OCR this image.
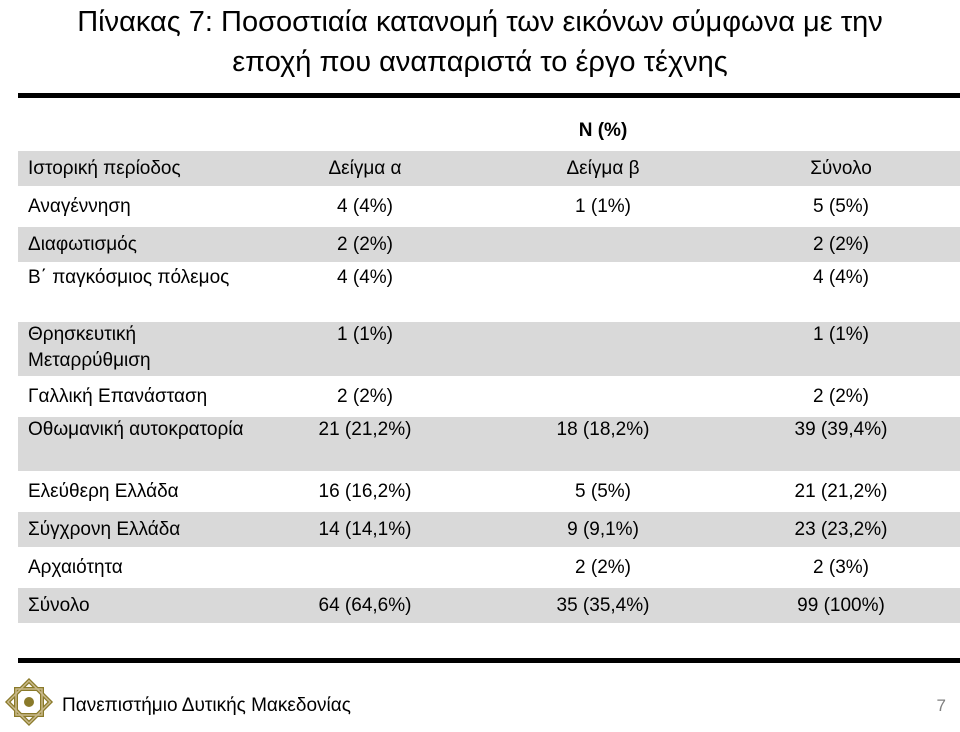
Πίνακας 7: Ποσοστιαία κατανομή των εικόνων σύμφωνα με την
εποχή που αναπαριστά το έργο τέχνης
		Ν (%)	
Ιστορική περίοδος	Δείγμα α	Δείγμα β	Σύνολο
Αναγέννηση	4 (4%)	1 (1%)	5 (5%)
Διαφωτισμός	2 (2%)		2 (2%)
Β΄ παγκόσμιος πόλεμος	4 (4%)		4 (4%)
Θρησκευτική Μεταρρύθμιση	1 (1%)		1 (1%)
Γαλλική Επανάσταση	2 (2%)		2 (2%)
Οθωμανική αυτοκρατορία	21 (21,2%)	18 (18,2%)	39 (39,4%)
Ελεύθερη Ελλάδα	16 (16,2%)	5 (5%)	21 (21,2%)
Σύγχρονη Ελλάδα	14 (14,1%)	9 (9,1%)	23 (23,2%)
Αρχαιότητα		2 (2%)	2 (3%)
Σύνολο	64 (64,6%)	35 (35,4%)	99 (100%)
Πανεπιστήμιο Δυτικής Μακεδονίας	7
